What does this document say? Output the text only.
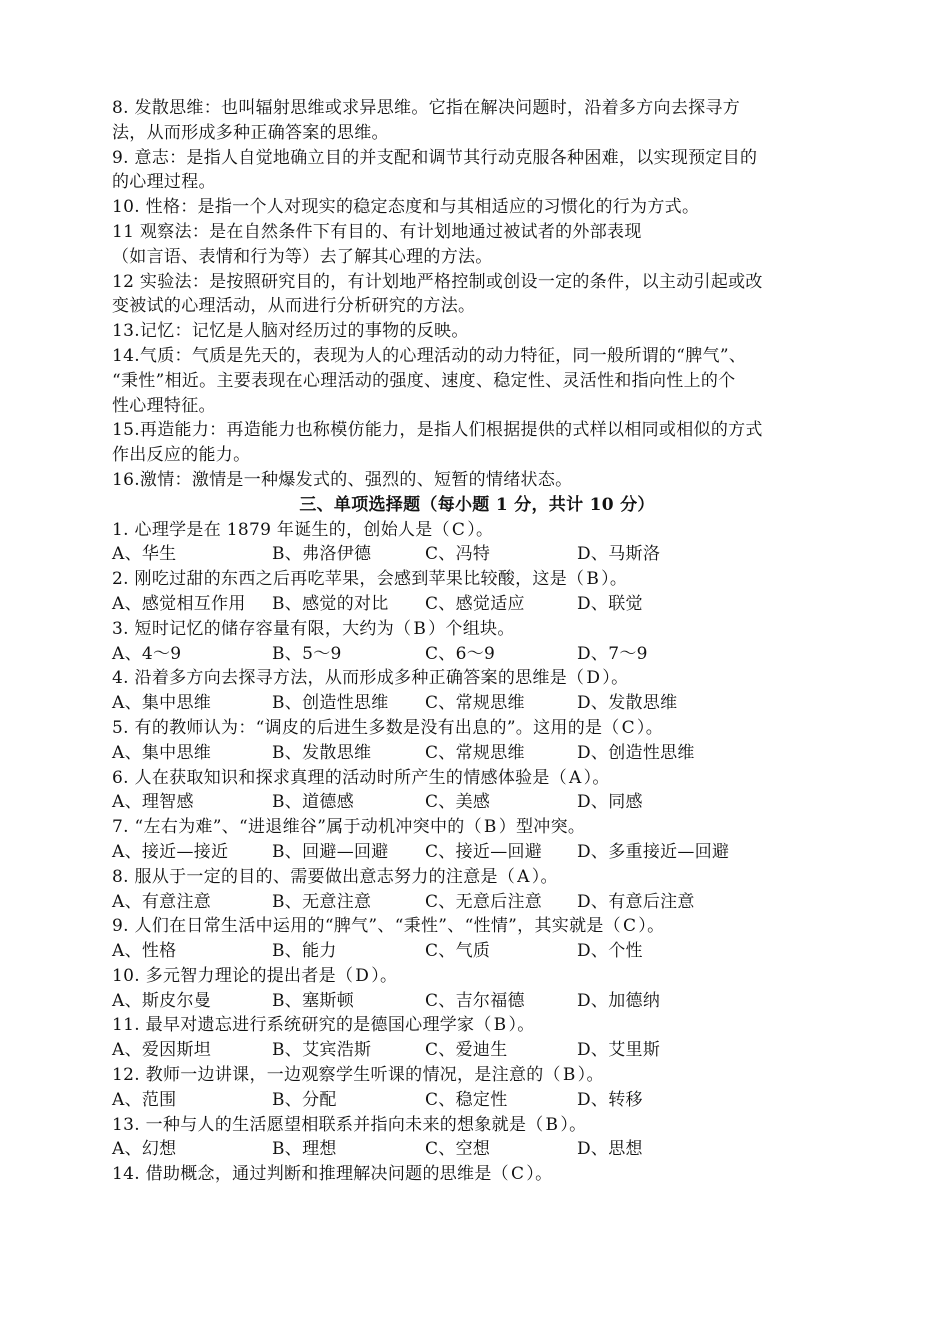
8. 发散思维：也叫辐射思维或求异思维。它指在解决问题时，沿着多方向去探寻方
法，从而形成多种正确答案的思维。
9. 意志：是指人自觉地确立目的并支配和调节其行动克服各种困难，以实现预定目的
的心理过程。
10. 性格：是指一个人对现实的稳定态度和与其相适应的习惯化的行为方式。
11 观察法：是在自然条件下有目的、有计划地通过被试者的外部表现
（如言语、表情和行为等）去了解其心理的方法。
12 实验法：是按照研究目的，有计划地严格控制或创设一定的条件，以主动引起或改
变被试的心理活动，从而进行分析研究的方法。
13.记忆：记忆是人脑对经历过的事物的反映。
14.气质：气质是先天的，表现为人的心理活动的动力特征，同一般所谓的“脾气”、
“秉性”相近。主要表现在心理活动的强度、速度、稳定性、灵活性和指向性上的个
性心理特征。
15.再造能力：再造能力也称模仿能力，是指人们根据提供的式样以相同或相似的方式
作出反应的能力。
16.激情：激情是一种爆发式的、强烈的、短暂的情绪状态。
三、单项选择题（每小题 1 分，共计 10 分）
1. 心理学是在 1879 年诞生的，创始人是（ C ）。
A、华生	B、弗洛伊德	C、冯特	D、马斯洛
2. 刚吃过甜的东西之后再吃苹果，会感到苹果比较酸，这是（ B ）。
A、感觉相互作用 B、感觉的对比 C、感觉适应	D、联觉
3. 短时记忆的储存容量有限，大约为（ B ）个组块。
A、4～9	B、5～9	C、6～9	D、7～9
4. 沿着多方向去探寻方法，从而形成多种正确答案的思维是（ D ）。
A、集中思维	B、创造性思维 C、常规思维	D、发散思维
5. 有的教师认为：“调皮的后进生多数是没有出息的”。这用的是（ C ）。
A、集中思维	B、发散思维	C、常规思维	D、创造性思维
6. 人在获取知识和探求真理的活动时所产生的情感体验是（ A ）。
A、理智感	B、道德感	C、美感	D、同感
7. “左右为难”、“进退维谷”属于动机冲突中的（ B ）型冲突。
A、接近—接近	B、回避—回避 C、接近—回避 D、多重接近—回避
8. 服从于一定的目的、需要做出意志努力的注意是（ A ）。
A、有意注意	B、无意注意	C、无意后注意 D、有意后注意
9. 人们在日常生活中运用的“脾气”、“秉性”、“性情”，其实就是（ C ）。
A、性格	B、能力	C、气质	D、个性
10. 多元智力理论的提出者是（ D ）。
A、斯皮尔曼	B、塞斯顿	C、吉尔福德	D、加德纳
11. 最早对遗忘进行系统研究的是德国心理学家（ B ）。
A、爱因斯坦	B、艾宾浩斯	C、爱迪生	D、艾里斯
12. 教师一边讲课，一边观察学生听课的情况，是注意的（ B ）。
A、范围	B、分配	C、稳定性	D、转移
13. 一种与人的生活愿望相联系并指向未来的想象就是（ B ）。
A、幻想	B、理想	C、空想	D、思想
14. 借助概念，通过判断和推理解决问题的思维是（ C ）。
